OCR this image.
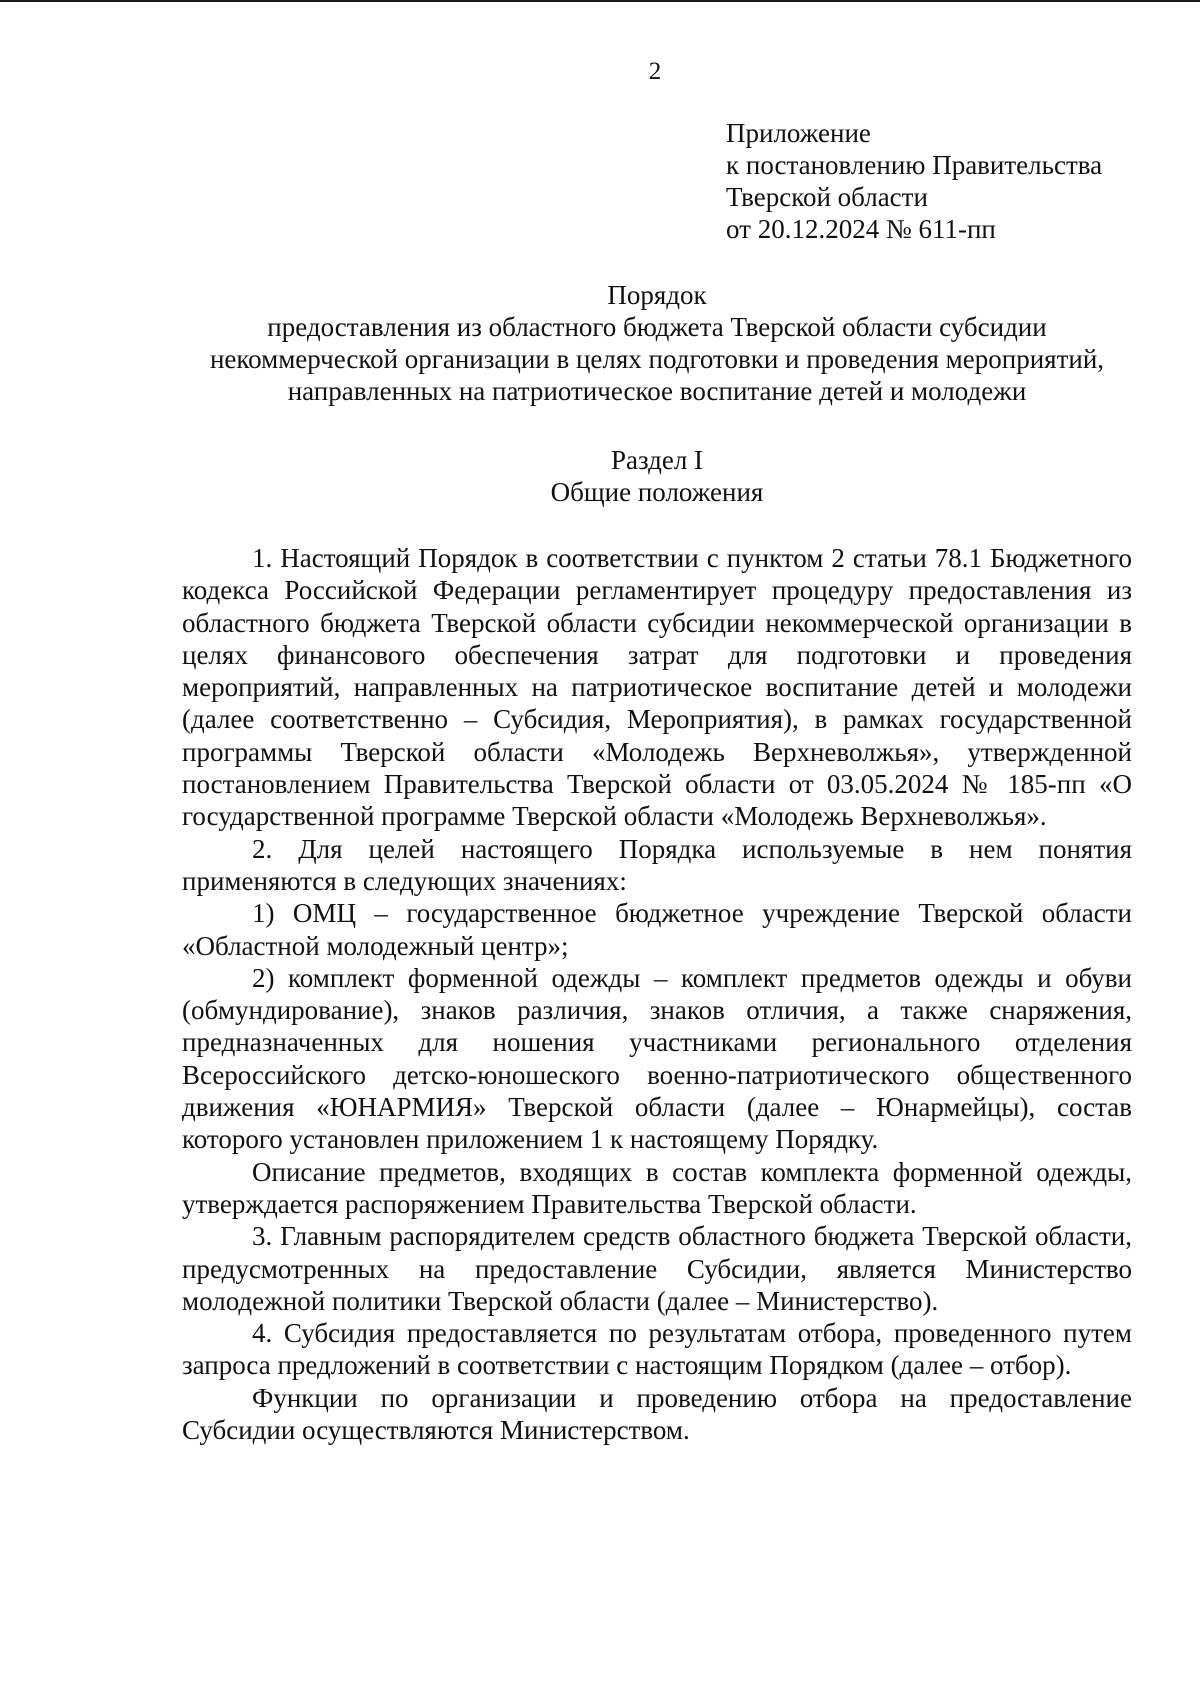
2
Приложение
к постановлению Правительства
Тверской области
от 20.12.2024 № 611-пп
Порядок
предоставления из областного бюджета Тверской области субсидии
некоммерческой организации в целях подготовки и проведения мероприятий,
направленных на патриотическое воспитание детей и молодежи
Раздел I
Общие положения

1. Настоящий Порядок в соответствии с пунктом 2 статьи 78.1 Бюджетного кодекса Российской Федерации регламентирует процедуру предоставления из областного бюджета Тверской области субсидии некоммерческой организации в целях финансового обеспечения затрат для подготовки и проведения мероприятий, направленных на патриотическое воспитание детей и молодежи (далее соответственно – Субсидия, Мероприятия), в рамках государственной программы Тверской области «Молодежь Верхневолжья», утвержденной постановлением Правительства Тверской области от 03.05.2024 № 185-пп «О государственной программе Тверской области «Молодежь Верхневолжья».

2. Для целей настоящего Порядка используемые в нем понятия применяются в следующих значениях:

1) ОМЦ – государственное бюджетное учреждение Тверской области «Областной молодежный центр»;

2) комплект форменной одежды – комплект предметов одежды и обуви (обмундирование), знаков различия, знаков отличия, а также снаряжения, предназначенных для ношения участниками регионального отделения Всероссийского детско-юношеского военно-патриотического общественного движения «ЮНАРМИЯ» Тверской области (далее – Юнармейцы), состав которого установлен приложением 1 к настоящему Порядку.

Описание предметов, входящих в состав комплекта форменной одежды, утверждается распоряжением Правительства Тверской области.

3. Главным распорядителем средств областного бюджета Тверской области, предусмотренных на предоставление Субсидии, является Министерство молодежной политики Тверской области (далее – Министерство).

4. Субсидия предоставляется по результатам отбора, проведенного путем запроса предложений в соответствии с настоящим Порядком (далее – отбор).

Функции по организации и проведению отбора на предоставление Субсидии осуществляются Министерством.
